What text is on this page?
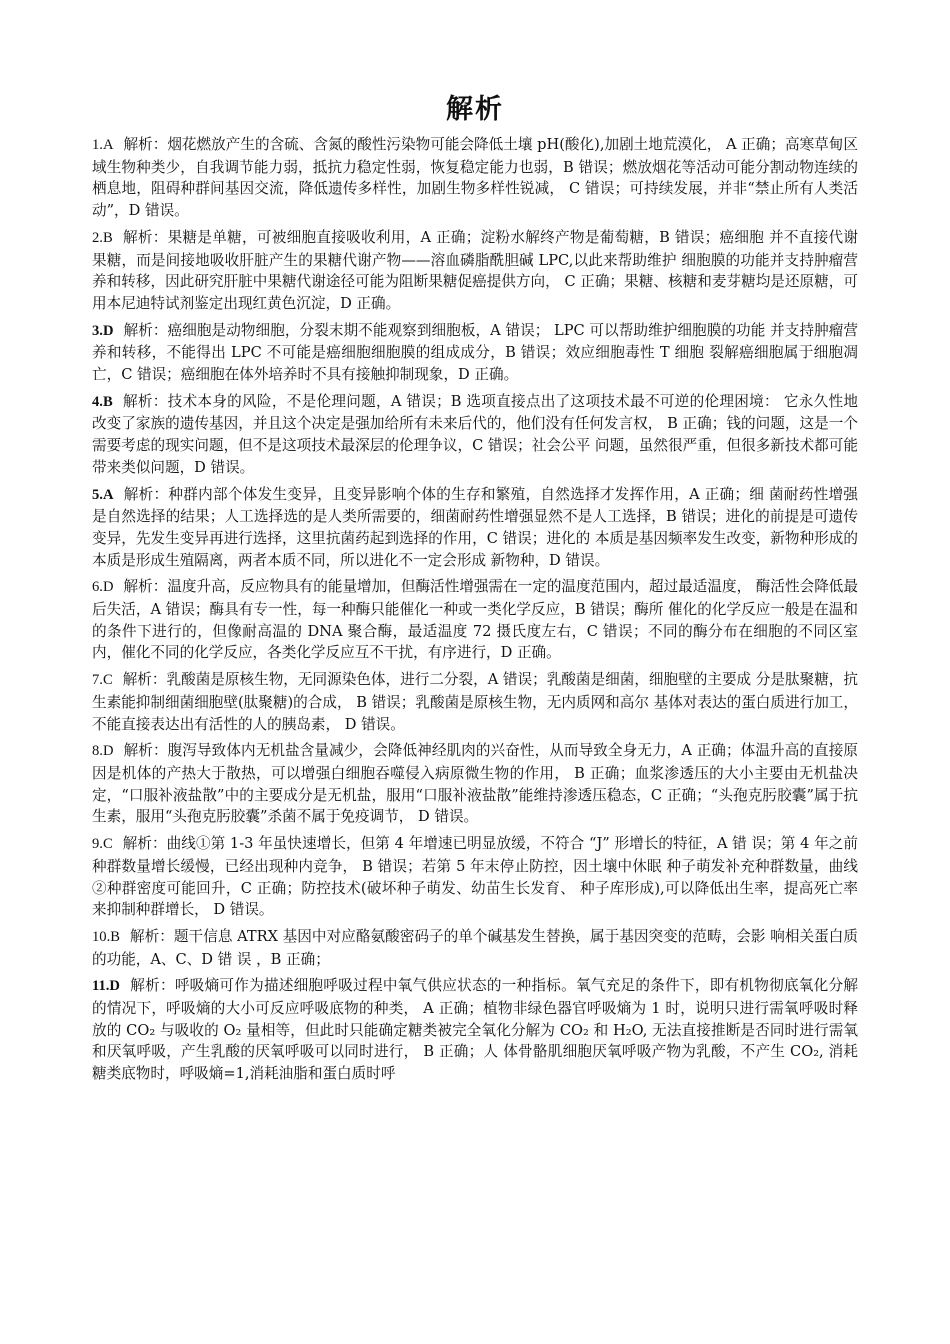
解析

1.A 解析：烟花燃放产生的含硫、含氮的酸性污染物可能会降低土壤 pH(酸化),加剧土地荒漠化， A 正确；高寒草甸区域生物种类少，自我调节能力弱，抵抗力稳定性弱，恢复稳定能力也弱，B 错误；燃放烟花等活动可能分割动物连续的栖息地，阻碍种群间基因交流，降低遗传多样性，加剧生物多样性锐减， C 错误；可持续发展，并非“禁止所有人类活动”，D 错误。

2.B 解析：果糖是单糖，可被细胞直接吸收利用，A 正确；淀粉水解终产物是葡萄糖，B 错误；癌细胞 并不直接代谢果糖，而是间接地吸收肝脏产生的果糖代谢产物——溶血磷脂酰胆碱 LPC,以此来帮助维护 细胞膜的功能并支持肿瘤营养和转移，因此研究肝脏中果糖代谢途径可能为阻断果糖促癌提供方向， C 正确；果糖、核糖和麦芽糖均是还原糖，可用本尼迪特试剂鉴定出现红黄色沉淀，D 正确。

3.D 解析：癌细胞是动物细胞，分裂末期不能观察到细胞板，A 错误； LPC 可以帮助维护细胞膜的功能 并支持肿瘤营养和转移，不能得出 LPC 不可能是癌细胞细胞膜的组成成分，B 错误；效应细胞毒性 T 细胞 裂解癌细胞属于细胞凋亡，C 错误；癌细胞在体外培养时不具有接触抑制现象，D 正确。

4.B 解析：技术本身的风险，不是伦理问题，A 错误；B 选项直接点出了这项技术最不可逆的伦理困境： 它永久性地改变了家族的遗传基因，并且这个决定是强加给所有未来后代的，他们没有任何发言权， B 正确；钱的问题，这是一个需要考虑的现实问题，但不是这项技术最深层的伦理争议，C 错误；社会公平 问题，虽然很严重，但很多新技术都可能带来类似问题，D 错误。

5.A 解析：种群内部个体发生变异，且变异影响个体的生存和繁殖，自然选择才发挥作用，A 正确；细 菌耐药性增强是自然选择的结果；人工选择选的是人类所需要的，细菌耐药性增强显然不是人工选择，B 错误；进化的前提是可遗传变异，先发生变异再进行选择，这里抗菌药起到选择的作用，C 错误；进化的 本质是基因频率发生改变，新物种形成的本质是形成生殖隔离，两者本质不同，所以进化不一定会形成 新物种，D 错误。

6.D 解析：温度升高，反应物具有的能量增加，但酶活性增强需在一定的温度范围内，超过最适温度， 酶活性会降低最后失活，A 错误；酶具有专一性，每一种酶只能催化一种或一类化学反应，B 错误；酶所 催化的化学反应一般是在温和的条件下进行的，但像耐高温的 DNA 聚合酶，最适温度 72 摄氏度左右，C 错误；不同的酶分布在细胞的不同区室内，催化不同的化学反应，各类化学反应互不干扰，有序进行，D 正确。

7.C 解析：乳酸菌是原核生物，无同源染色体，进行二分裂，A 错误；乳酸菌是细菌，细胞壁的主要成 分是肽聚糖，抗生素能抑制细菌细胞壁(肽聚糖)的合成， B 错误；乳酸菌是原核生物，无内质网和高尔 基体对表达的蛋白质进行加工，不能直接表达出有活性的人的胰岛素， D 错误。

8.D 解析：腹泻导致体内无机盐含量减少，会降低神经肌肉的兴奋性，从而导致全身无力，A 正确；体温升高的直接原因是机体的产热大于散热，可以增强白细胞吞噬侵入病原微生物的作用， B 正确；血浆渗透压的大小主要由无机盐决定，“口服补液盐散”中的主要成分是无机盐，服用“口服补液盐散”能维持渗透压稳态，C 正确；“头孢克肟胶囊”属于抗生素，服用“头孢克肟胶囊”杀菌不属于免疫调节， D 错误。

9.C 解析：曲线①第 1-3 年虽快速增长，但第 4 年增速已明显放缓，不符合 “J” 形增长的特征，A 错 误；第 4 年之前种群数量增长缓慢，已经出现种内竞争， B 错误；若第 5 年末停止防控，因土壤中休眠 种子萌发补充种群数量，曲线②种群密度可能回升，C 正确；防控技术(破坏种子萌发、幼苗生长发育、 种子库形成),可以降低出生率，提高死亡率来抑制种群增长， D 错误。

10.B 解析：题干信息 ATRX 基因中对应酪氨酸密码子的单个碱基发生替换，属于基因突变的范畴，会影 响相关蛋白质的功能，A、C、D 错 误 ，B 正确；

11.D 解析：呼吸熵可作为描述细胞呼吸过程中氧气供应状态的一种指标。氧气充足的条件下，即有机物彻底氧化分解的情况下，呼吸熵的大小可反应呼吸底物的种类， A 正确；植物非绿色器官呼吸熵为 1 时，说明只进行需氧呼吸时释放的 CO₂ 与吸收的 O₂ 量相等，但此时只能确定糖类被完全氧化分解为 CO₂ 和 H₂O, 无法直接推断是否同时进行需氧和厌氧呼吸，产生乳酸的厌氧呼吸可以同时进行， B 正确；人 体骨骼肌细胞厌氧呼吸产物为乳酸，不产生 CO₂, 消耗糖类底物时，呼吸熵=1,消耗油脂和蛋白质时呼
